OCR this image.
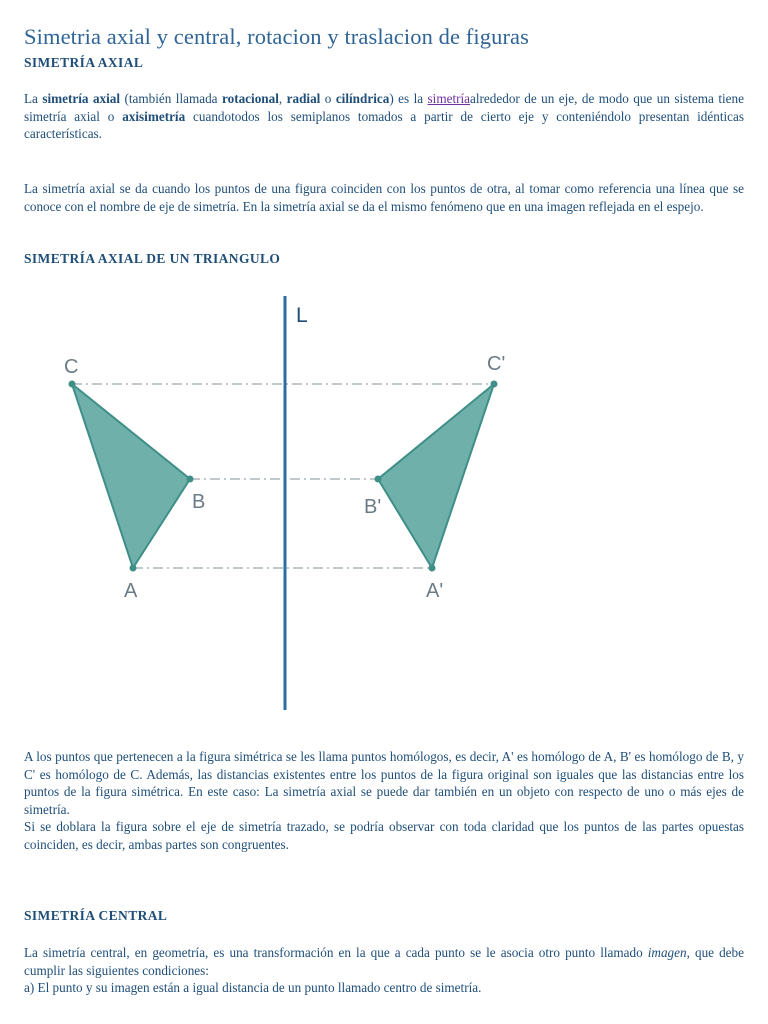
Simetria axial y central, rotacion y traslacion de figuras
SIMETRÍA AXIAL

La simetría axial (también llamada rotacional, radial o cilíndrica) es la simetríaalrededor de un eje, de modo que un sistema tiene simetría axial o axisimetría cuandotodos los semiplanos tomados a partir de cierto eje y conteniéndolo presentan idénticas características.

La simetría axial se da cuando los puntos de una figura coinciden con los puntos de otra, al tomar como referencia una línea que se conoce con el nombre de eje de simetría. En la simetría axial se da el mismo fenómeno que en una imagen reflejada en el espejo.

SIMETRÍA AXIAL DE UN TRIANGULO
L
C
B
A
C'
B'
A'

A los puntos que pertenecen a la figura simétrica se les llama puntos homólogos, es decir, A' es homólogo de A, B' es homólogo de B, y C' es homólogo de C. Además, las distancias existentes entre los puntos de la figura original son iguales que las distancias entre los puntos de la figura simétrica. En este caso: La simetría axial se puede dar también en un objeto con respecto de uno o más ejes de simetría.
Si se doblara la figura sobre el eje de simetría trazado, se podría observar con toda claridad que los puntos de las partes opuestas coinciden, es decir, ambas partes son congruentes.

SIMETRÍA CENTRAL

La simetría central, en geometría, es una transformación en la que a cada punto se le asocia otro punto llamado imagen, que debe cumplir las siguientes condiciones:
a) El punto y su imagen están a igual distancia de un punto llamado centro de simetría.
